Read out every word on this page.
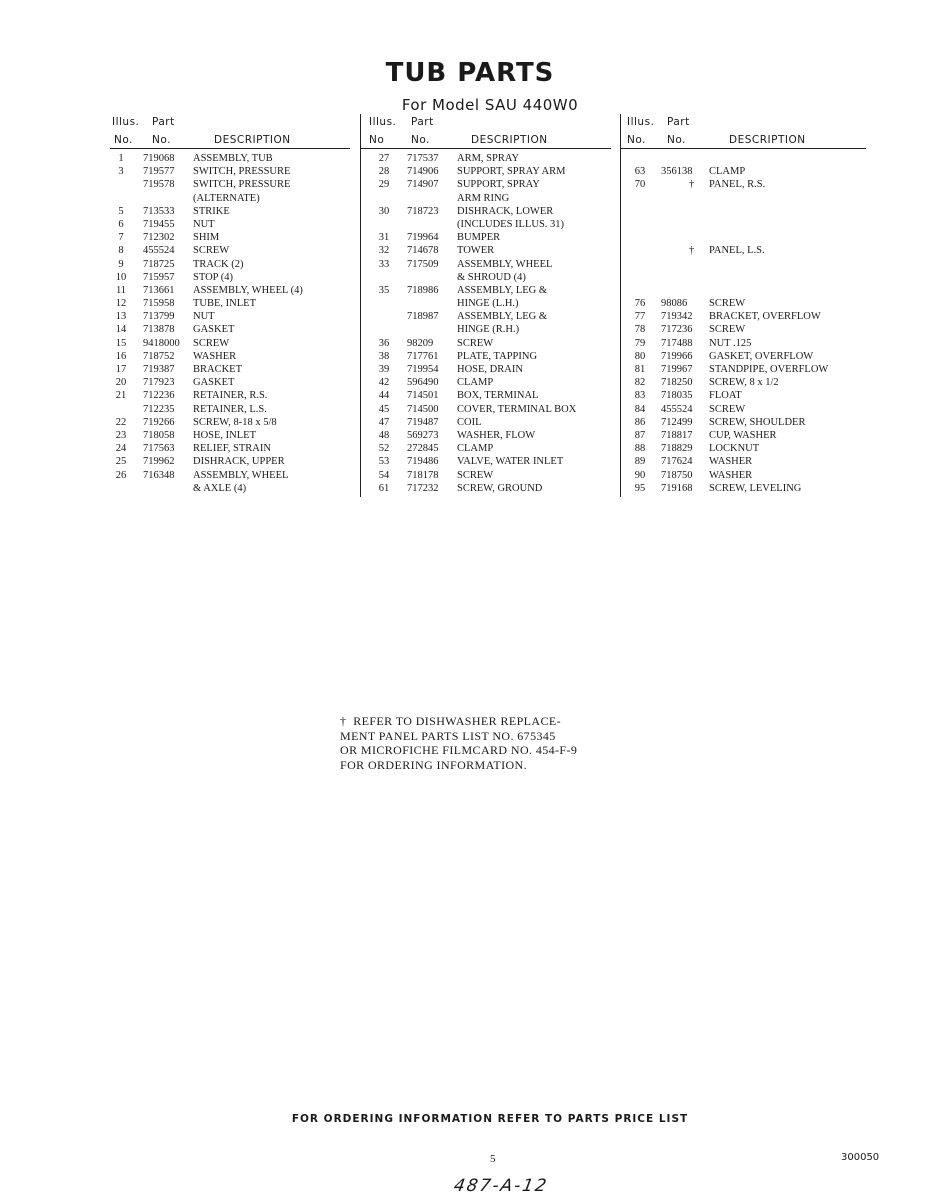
TUB PARTS
For Model SAU 440W0
Illus. Part
No. No.	DESCRIPTION
1	719068 ASSEMBLY, TUB
3	719577 SWITCH, PRESSURE
719578 SWITCH, PRESSURE
(ALTERNATE)
5	713533 STRIKE
6	719455 NUT
7	712302 SHIM
8	455524 SCREW
9	718725 TRACK (2)
10	715957 STOP (4)
11	713661 ASSEMBLY, WHEEL (4)
12	715958 TUBE, INLET
13	713799 NUT
14	713878 GASKET
15	9418000 SCREW
16	718752 WASHER
17	719387 BRACKET
20	717923 GASKET
21	712236 RETAINER, R.S.
712235 RETAINER, L.S.
22	719266 SCREW, 8-18 x 5/8
23	718058 HOSE, INLET
24	717563 RELIEF, STRAIN
25	719962 DISHRACK, UPPER
26	716348 ASSEMBLY, WHEEL
& AXLE (4)
Illus. Part
No	No.	DESCRIPTION
27	717537 ARM, SPRAY
28	714906 SUPPORT, SPRAY ARM
29	714907 SUPPORT, SPRAY
ARM RING
30	718723 DISHRACK, LOWER
(INCLUDES ILLUS. 31)
31	719964 BUMPER
32	714678 TOWER
33	717509 ASSEMBLY, WHEEL
& SHROUD (4)
35	718986 ASSEMBLY, LEG &
HINGE (L.H.)
718987 ASSEMBLY, LEG &
HINGE (R.H.)
36	98209 SCREW
38	717761 PLATE, TAPPING
39	719954 HOSE, DRAIN
42	596490 CLAMP
44	714501 BOX, TERMINAL
45	714500 COVER, TERMINAL BOX
47	719487 COIL
48	569273 WASHER, FLOW
52	272845 CLAMP
53	719486 VALVE, WATER INLET
54	718178 SCREW
61	717232 SCREW, GROUND
Illus. Part
No. No.	DESCRIPTION
63	356138 CLAMP
70	† PANEL, R.S.
† PANEL, L.S.
76	98086 SCREW
77	719342 BRACKET, OVERFLOW
78	717236 SCREW
79	717488 NUT .125
80	719966 GASKET, OVERFLOW
81	719967 STANDPIPE, OVERFLOW
82	718250 SCREW, 8 x 1/2
83	718035 FLOAT
84	455524 SCREW
86	712499 SCREW, SHOULDER
87	718817 CUP, WASHER
88	718829 LOCKNUT
89	717624 WASHER
90	718750 WASHER
95	719168 SCREW, LEVELING
†  REFER TO DISHWASHER REPLACE-
MENT PANEL PARTS LIST NO. 675345
OR MICROFICHE FILMCARD NO. 454-F-9
FOR ORDERING INFORMATION.
FOR ORDERING INFORMATION REFER TO PARTS PRICE LIST
5	300050
487-A-12
